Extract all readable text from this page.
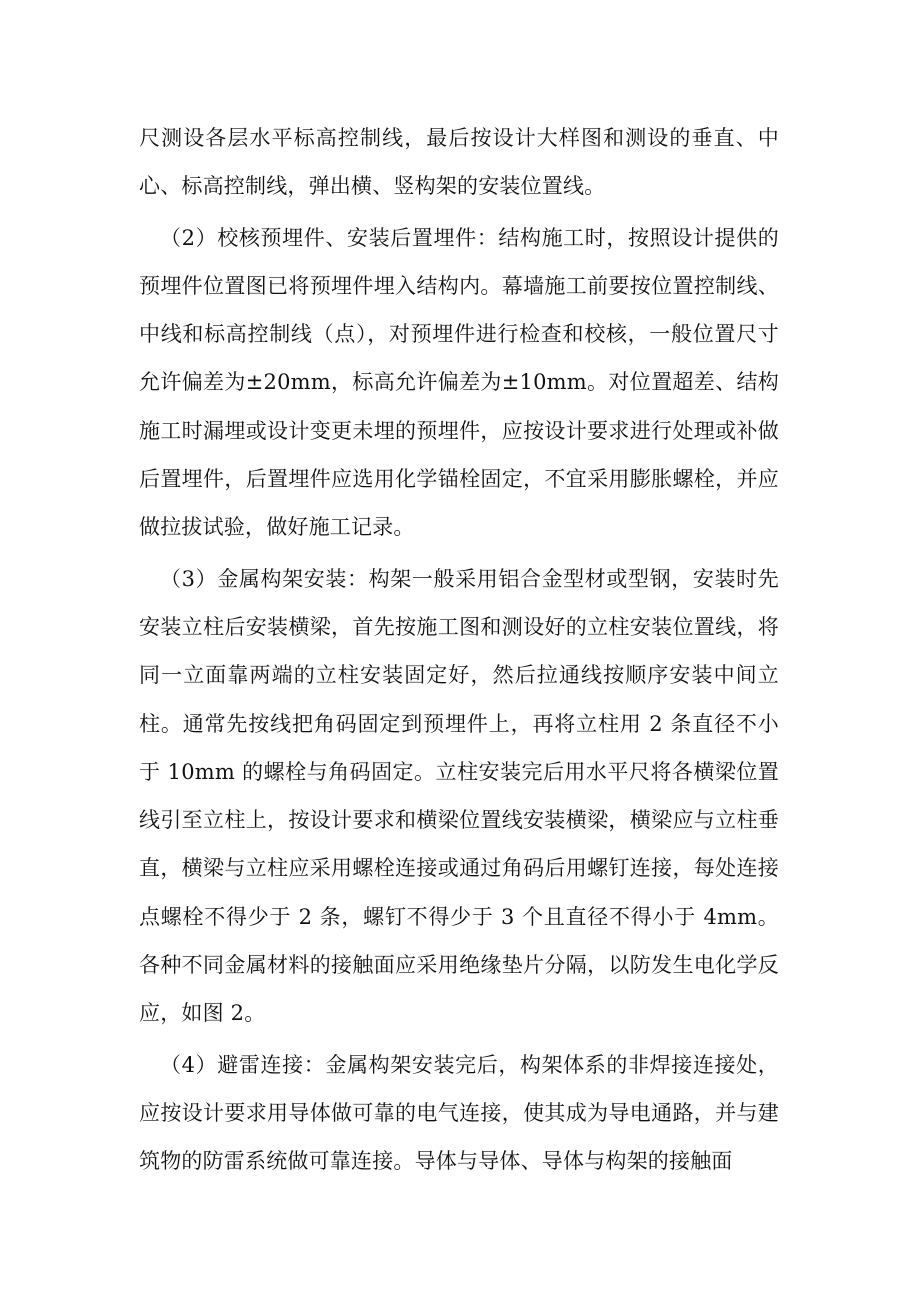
尺测设各层水平标高控制线，最后按设计大样图和测设的垂直、中心、标高控制线，弹出横、竖构架的安装位置线。

（2）校核预埋件、安装后置埋件：结构施工时，按照设计提供的预埋件位置图已将预埋件埋入结构内。幕墙施工前要按位置控制线、中线和标高控制线（点），对预埋件进行检查和校核，一般位置尺寸允许偏差为±20mm，标高允许偏差为±10mm。对位置超差、结构施工时漏埋或设计变更未埋的预埋件，应按设计要求进行处理或补做后置埋件，后置埋件应选用化学锚栓固定，不宜采用膨胀螺栓，并应做拉拔试验，做好施工记录。

（3）金属构架安装：构架一般采用铝合金型材或型钢，安装时先安装立柱后安装横梁，首先按施工图和测设好的立柱安装位置线，将同一立面靠两端的立柱安装固定好，然后拉通线按顺序安装中间立柱。通常先按线把角码固定到预埋件上，再将立柱用 2 条直径不小于 10mm 的螺栓与角码固定。立柱安装完后用水平尺将各横梁位置线引至立柱上，按设计要求和横梁位置线安装横梁，横梁应与立柱垂直，横梁与立柱应采用螺栓连接或通过角码后用螺钉连接，每处连接点螺栓不得少于 2 条，螺钉不得少于 3 个且直径不得小于 4mm。各种不同金属材料的接触面应采用绝缘垫片分隔，以防发生电化学反应，如图 2。

（4）避雷连接：金属构架安装完后，构架体系的非焊接连接处，应按设计要求用导体做可靠的电气连接，使其成为导电通路，并与建筑物的防雷系统做可靠连接。导体与导体、导体与构架的接触面
